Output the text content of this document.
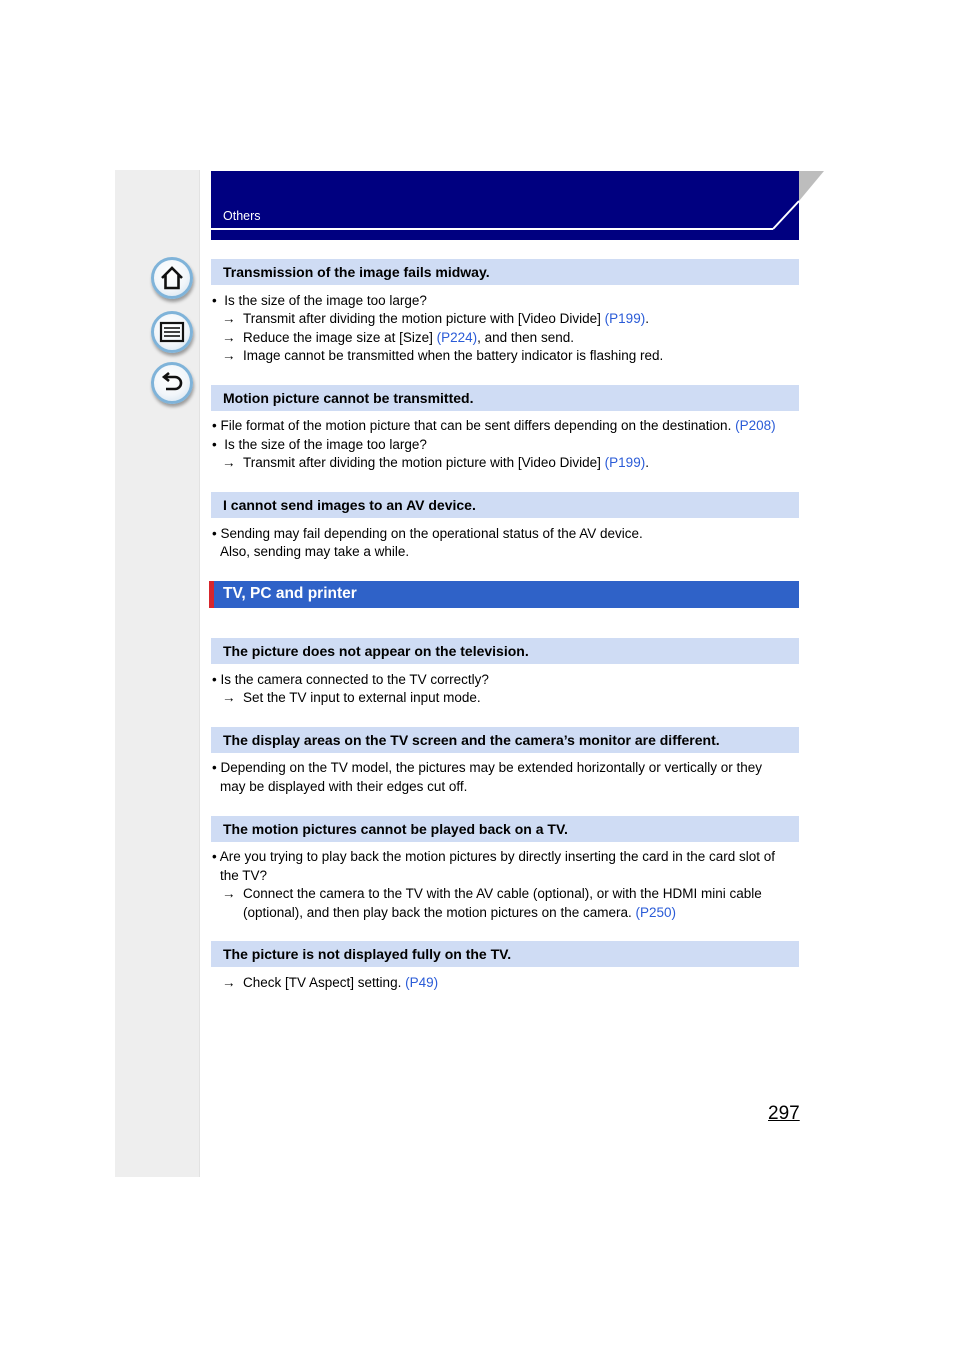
Others
Transmission of the image fails midway.
• Is the size of the image too large?
→ Transmit after dividing the motion picture with [Video Divide] (P199).
→ Reduce the image size at [Size] (P224), and then send.
→ Image cannot be transmitted when the battery indicator is flashing red.
Motion picture cannot be transmitted.
• File format of the motion picture that can be sent differs depending on the destination. (P208)
• Is the size of the image too large?
→ Transmit after dividing the motion picture with [Video Divide] (P199).
I cannot send images to an AV device.
• Sending may fail depending on the operational status of the AV device.
Also, sending may take a while.
TV, PC and printer
The picture does not appear on the television.
• Is the camera connected to the TV correctly?
→ Set the TV input to external input mode.
The display areas on the TV screen and the camera’s monitor are different.
• Depending on the TV model, the pictures may be extended horizontally or vertically or they
may be displayed with their edges cut off.
The motion pictures cannot be played back on a TV.
• Are you trying to play back the motion pictures by directly inserting the card in the card slot of
the TV?
→ Connect the camera to the TV with the AV cable (optional), or with the HDMI mini cable
(optional), and then play back the motion pictures on the camera. (P250)
The picture is not displayed fully on the TV.
→ Check [TV Aspect] setting. (P49)
297
